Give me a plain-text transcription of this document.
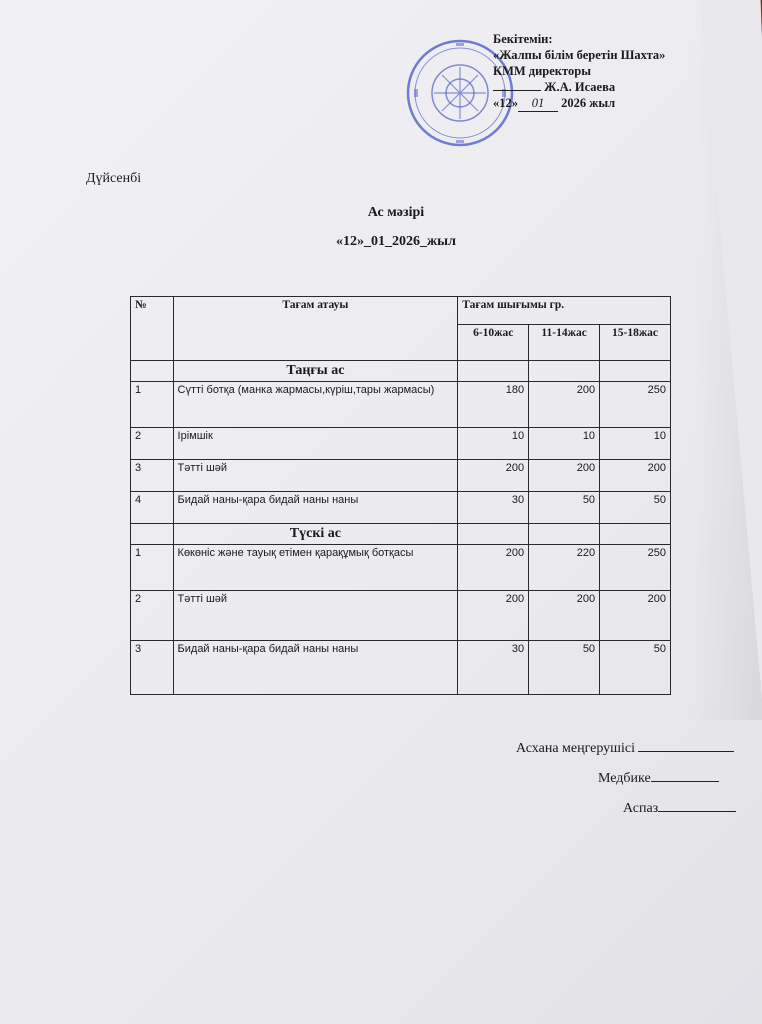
Бекітемін:
«Жалпы білім беретін Шахта»
КММ директоры
Ж.А. Исаева
«12» 01 2026 жыл
Дүйсенбі
Ас мәзірі
«12»_01_2026_жыл
№	Тағам атауы	Тағам шығымы гр.		
		6-10жас	11-14жас	15-18жас
	Таңғы ас			
1	Сүтті ботқа (манка жармасы,күріш,тары жармасы)	180	200	250
2	Ірімшік	10	10	10
3	Тәтті шәй	200	200	200
4	Бидай наны-қара бидай наны наны	30	50	50
	Түскі ас			
1	Көкөніс және тауық етімен қарақұмық ботқасы	200	220	250
2	Тәтті шәй	200	200	200
3	Бидай наны-қара бидай наны наны	30	50	50
Асхана меңгерушісі
Медбике
Аспаз
